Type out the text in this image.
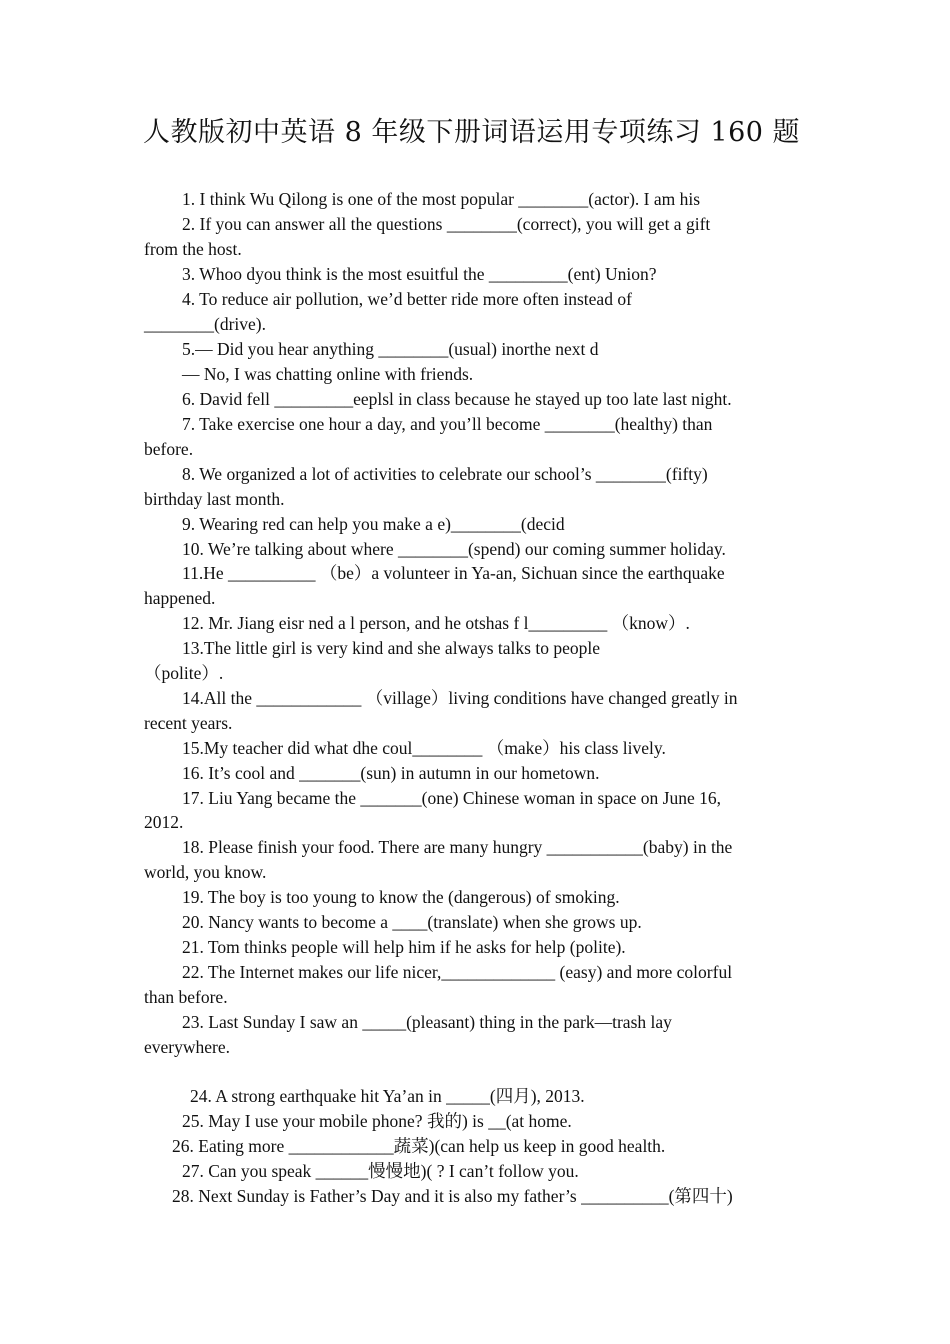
人教版初中英语 8 年级下册词语运用专项练习 160 题
1. I think Wu Qilong is one of the most popular ________(actor). I am his
2. If you can answer all the questions ________(correct), you will get a gift
from the host.
3. Whoo dyou think is the most esuitful the _________(ent) Union?
4. To reduce air pollution, we’d better ride more often instead of
________(drive).
5.— Did you hear anything ________(usual) inorthe next d
— No, I was chatting online with friends.
6. David fell _________eeplsl in class because he stayed up too late last night.
7. Take exercise one hour a day, and you’ll become ________(healthy) than
before.
8. We organized a lot of activities to celebrate our school’s ________(fifty)
birthday last month.
9. Wearing red can help you make a e)________(decid
10. We’re talking about where ________(spend) our coming summer holiday.
11.He __________ （be）a volunteer in Ya-an, Sichuan since the earthquake
happened.
12. Mr. Jiang eisr ned a l person, and he otshas f l_________ （know）.
13.The little girl is very kind and she always talks to people
（polite）.
14.All the ____________ （village）living conditions have changed greatly in
recent years.
15.My teacher did what dhe coul________ （make）his class lively.
16. It’s cool and _______(sun) in autumn in our hometown.
17. Liu Yang became the _______(one) Chinese woman in space on June 16,
2012.
18. Please finish your food. There are many hungry ___________(baby) in the
world, you know.
19. The boy is too young to know the (dangerous) of smoking.
20. Nancy wants to become a ____(translate) when she grows up.
21. Tom thinks people will help him if he asks for help (polite).
22. The Internet makes our life nicer,_____________ (easy) and more colorful
than before.
23. Last Sunday I saw an _____(pleasant) thing in the park—trash lay
everywhere.
24. A strong earthquake hit Ya’an in _____(四月), 2013.
25. May I use your mobile phone? 我的) is __(at home.
26. Eating more ____________蔬菜)(can help us keep in good health.
27. Can you speak ______慢慢地)( ? I can’t follow you.
28. Next Sunday is Father’s Day and it is also my father’s __________(第四十)
